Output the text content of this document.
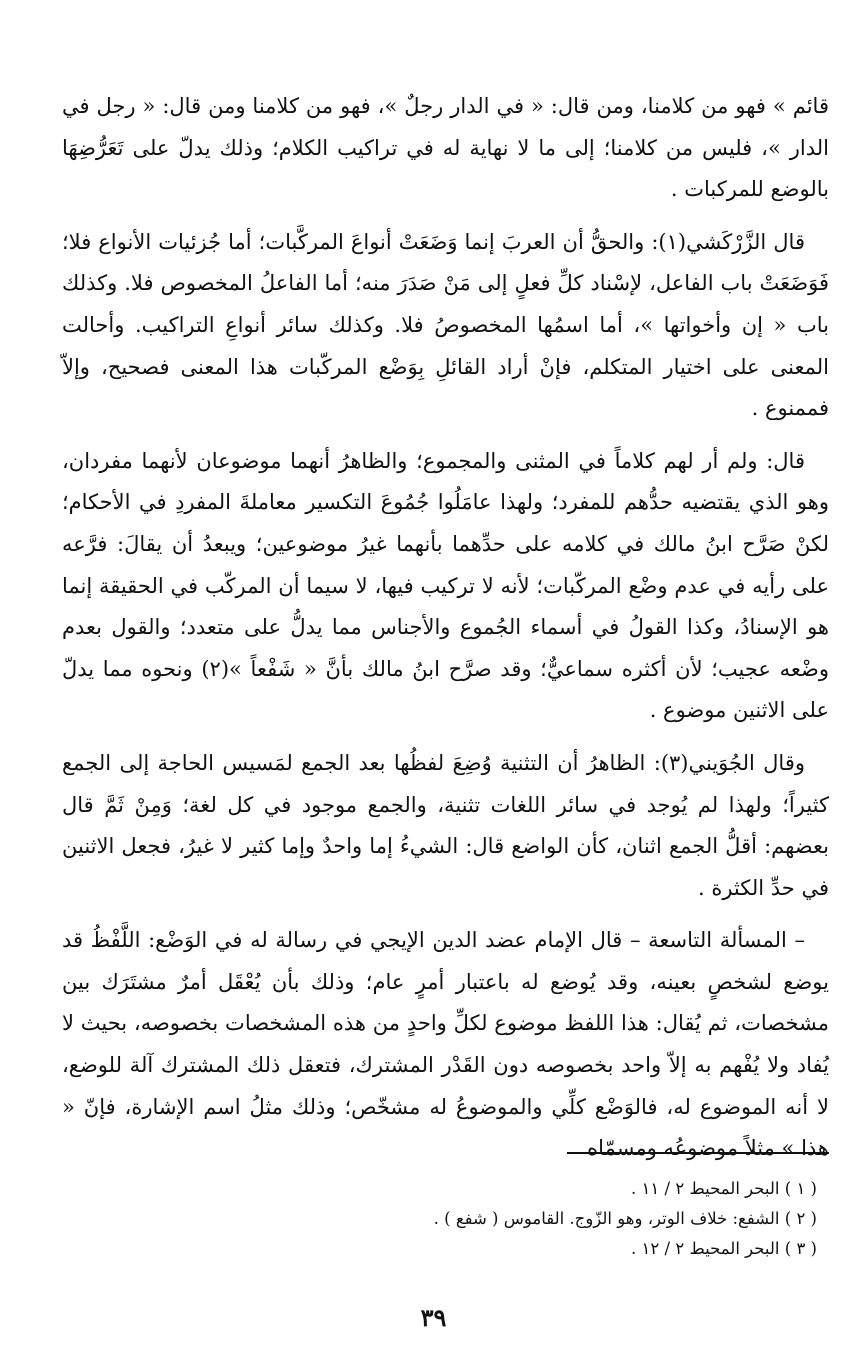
قائم » فهو من كلامنا، ومن قال: « في الدار رجلٌ »، فهو من كلامنا ومن قال: « رجل في الدار »، فليس من كلامنا؛ إلى ما لا نهاية له في تراكيب الكلام؛ وذلك يدلّ على تَعَرُّضِهَا بالوضع للمركبات .

قال الزَّرْكَشي(١): والحقُّ أن العربَ إنما وَضَعَتْ أنواعَ المركَّبات؛ أما جُزئيات الأنواع فلا؛ فَوَضَعَتْ باب الفاعل، لإسْناد كلِّ فعلٍ إلى مَنْ صَدَرَ منه؛ أما الفاعلُ المخصوص فلا. وكذلك باب « إن وأخواتها »، أما اسمُها المخصوصُ فلا. وكذلك سائر أنواعِ التراكيب. وأحالت المعنى على اختيار المتكلم، فإنْ أراد القائلِ بِوَضْع المركّبات هذا المعنى فصحيح، وإلاّ فممنوع .

قال: ولم أر لهم كلاماً في المثنى والمجموع؛ والظاهرُ أنهما موضوعان لأنهما مفردان، وهو الذي يقتضيه حدُّهم للمفرد؛ ولهذا عامَلُوا جُمُوعَ التكسير معاملةَ المفردِ في الأحكام؛ لكنْ صَرَّح ابنُ مالك في كلامه على حدِّهما بأنهما غيرُ موضوعين؛ ويبعدُ أن يقالَ: فرَّعه على رأيه في عدم وضْع المركّبات؛ لأنه لا تركيب فيها، لا سيما أن المركّب في الحقيقة إنما هو الإسنادُ، وكذا القولُ في أسماء الجُموع والأجناس مما يدلُّ على متعدد؛ والقول بعدم وضْعه عجيب؛ لأن أكثره سماعيٌّ؛ وقد صرَّح ابنُ مالك بأنَّ « شَفْعاً »(٢) ونحوه مما يدلّ على الاثنين موضوع .

وقال الجُوَيني(٣): الظاهرُ أن التثنية وُضِعَ لفظُها بعد الجمع لمَسيس الحاجة إلى الجمع كثيراً؛ ولهذا لم يُوجد في سائر اللغات تثنية، والجمع موجود في كل لغة؛ وَمِنْ ثَمَّ قال بعضهم: أقلُّ الجمع اثنان، كأن الواضع قال: الشيءُ إما واحدٌ وإما كثير لا غيرُ، فجعل الاثنين في حدِّ الكثرة .

– المسألة التاسعة – قال الإمام عضد الدين الإيجي في رسالة له في الوَضْع: اللَّفْظُ قد يوضع لشخصٍ بعينه، وقد يُوضع له باعتبار أمرٍ عام؛ وذلك بأن يُعْقَل أمرٌ مشتَرَك بين مشخصات، ثم يُقال: هذا اللفظ موضوع لكلِّ واحدٍ من هذه المشخصات بخصوصه، بحيث لا يُفاد ولا يُفْهم به إلاّ واحد بخصوصه دون القَدْر المشترك، فتعقل ذلك المشترك آلة للوضع، لا أنه الموضوع له، فالوَضْع كلِّي والموضوعُ له مشخّص؛ وذلك مثلُ اسم الإشارة، فإنّ « هذا » مثلاً موضوعُه ومسمّاه

( ١ ) البحر المحيط ٢ / ١١ .

( ٢ ) الشفع: خلاف الوتر، وهو الزّوج. القاموس ( شفع ) .

( ٣ ) البحر المحيط ٢ / ١٢ .

٣٩
